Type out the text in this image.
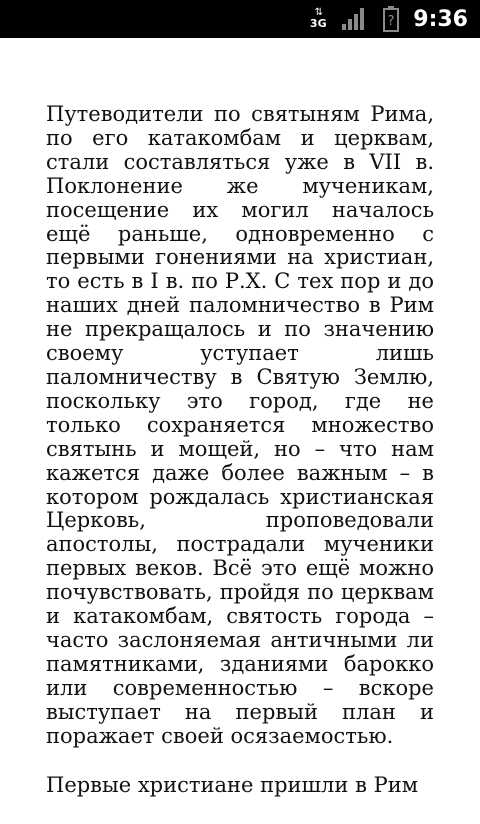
⇅
3G	? 9:36

Путеводители по святыням Рима, по его катакомбам и церквам, стали составляться уже в VII в. Поклонение же мученикам, посещение их могил началось ещё раньше, одновременно с первыми гонениями на христиан, то есть в I в. по Р.Х. С тех пор и до наших дней паломничество в Рим не прекращалось и по значению своему уступает лишь паломничеству в Святую Землю, поскольку это город, где не только сохраняется множество святынь и мощей, но – что нам кажется даже более важным – в котором рождалась христианская Церковь, проповедовали апостолы, пострадали мученики первых веков. Всё это ещё можно почувствовать, пройдя по церквам и катакомбам, святость города – часто заслоняемая античными ли памятниками, зданиями барокко или современностью – вскоре выступает на первый план и поражает своей осязаемостью.

Первые христиане пришли в Рим
